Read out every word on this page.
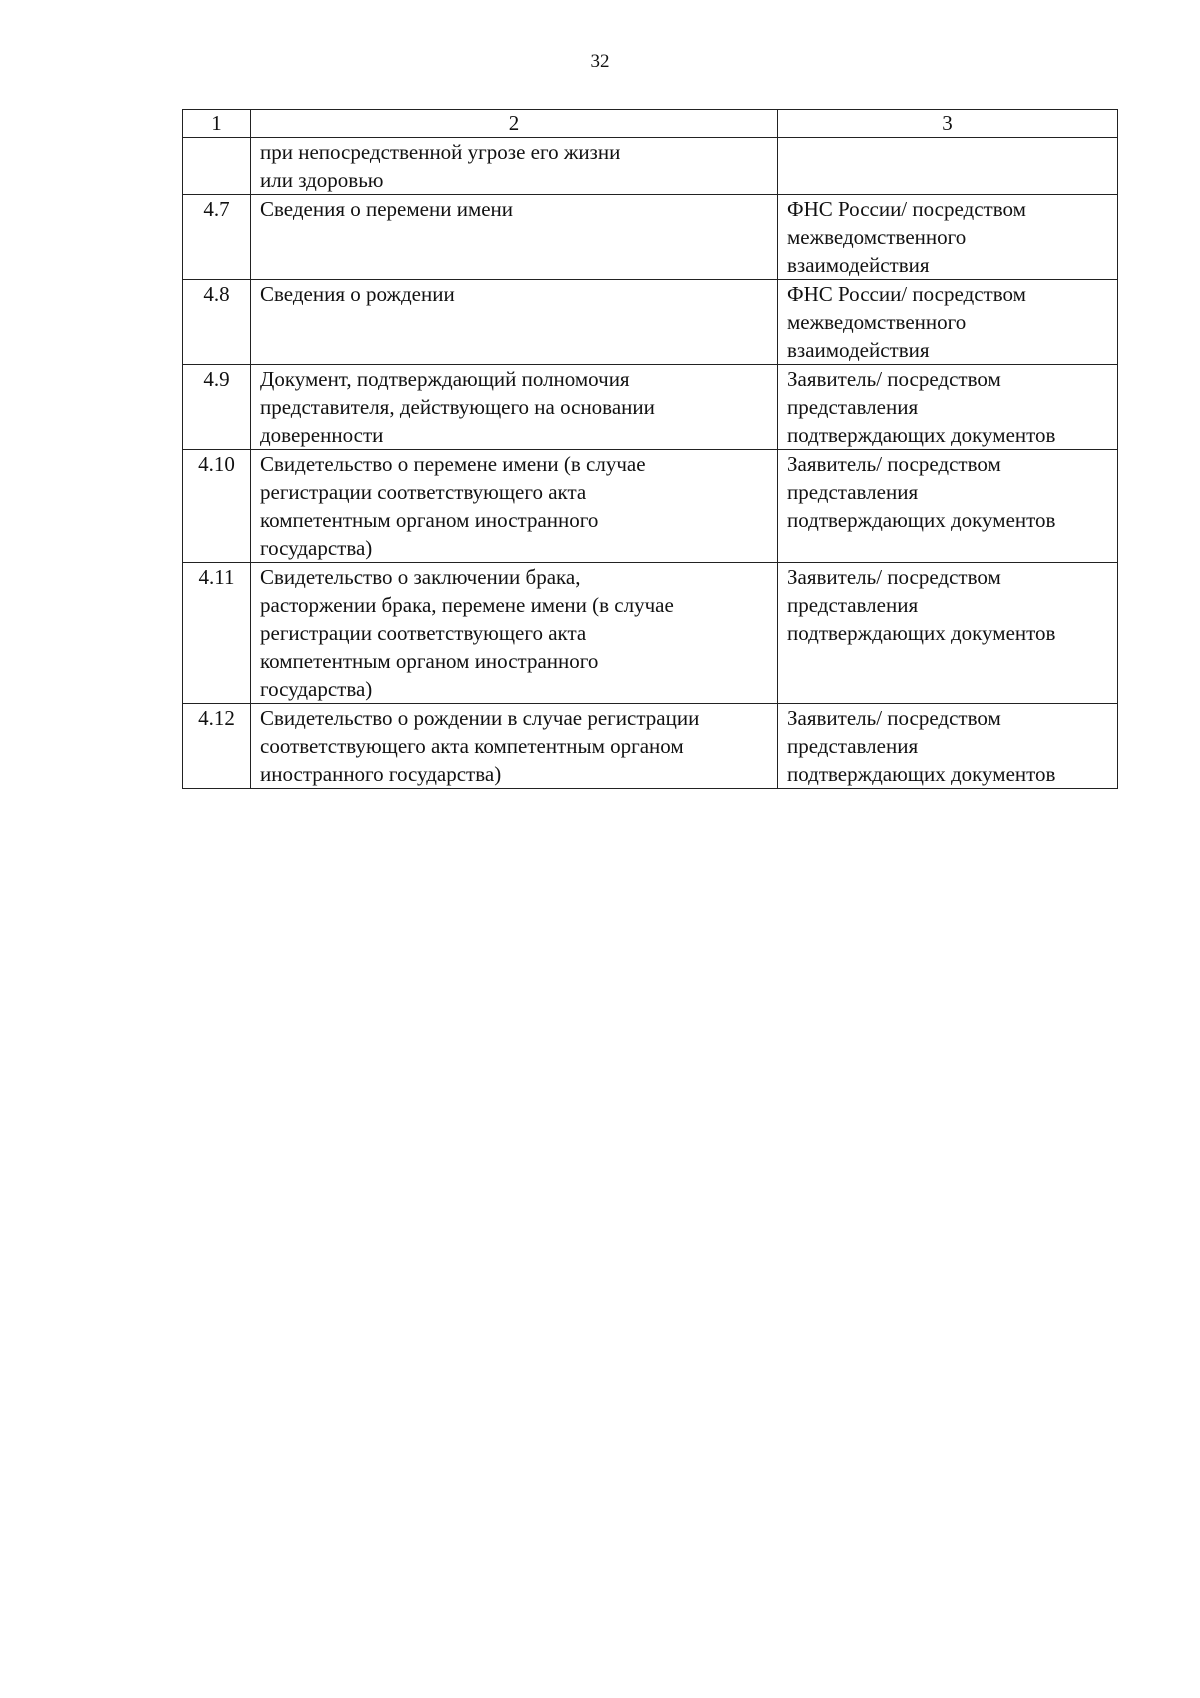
32
1	2	3
	при непосредственной угрозе его жизни
или здоровью	
4.7	Сведения о перемени имени	ФНС России/ посредством
межведомственного
взаимодействия
4.8	Сведения о рождении	ФНС России/ посредством
межведомственного
взаимодействия
4.9	Документ, подтверждающий полномочия
представителя, действующего на основании
доверенности	Заявитель/ посредством
представления
подтверждающих документов
4.10	Свидетельство о перемене имени (в случае
регистрации соответствующего акта
компетентным органом иностранного
государства)	Заявитель/ посредством
представления
подтверждающих документов
4.11	Свидетельство о заключении брака,
расторжении брака, перемене имени (в случае
регистрации соответствующего акта
компетентным органом иностранного
государства)	Заявитель/ посредством
представления
подтверждающих документов
4.12	Свидетельство о рождении в случае регистрации
соответствующего акта компетентным органом
иностранного государства)	Заявитель/ посредством
представления
подтверждающих документов
